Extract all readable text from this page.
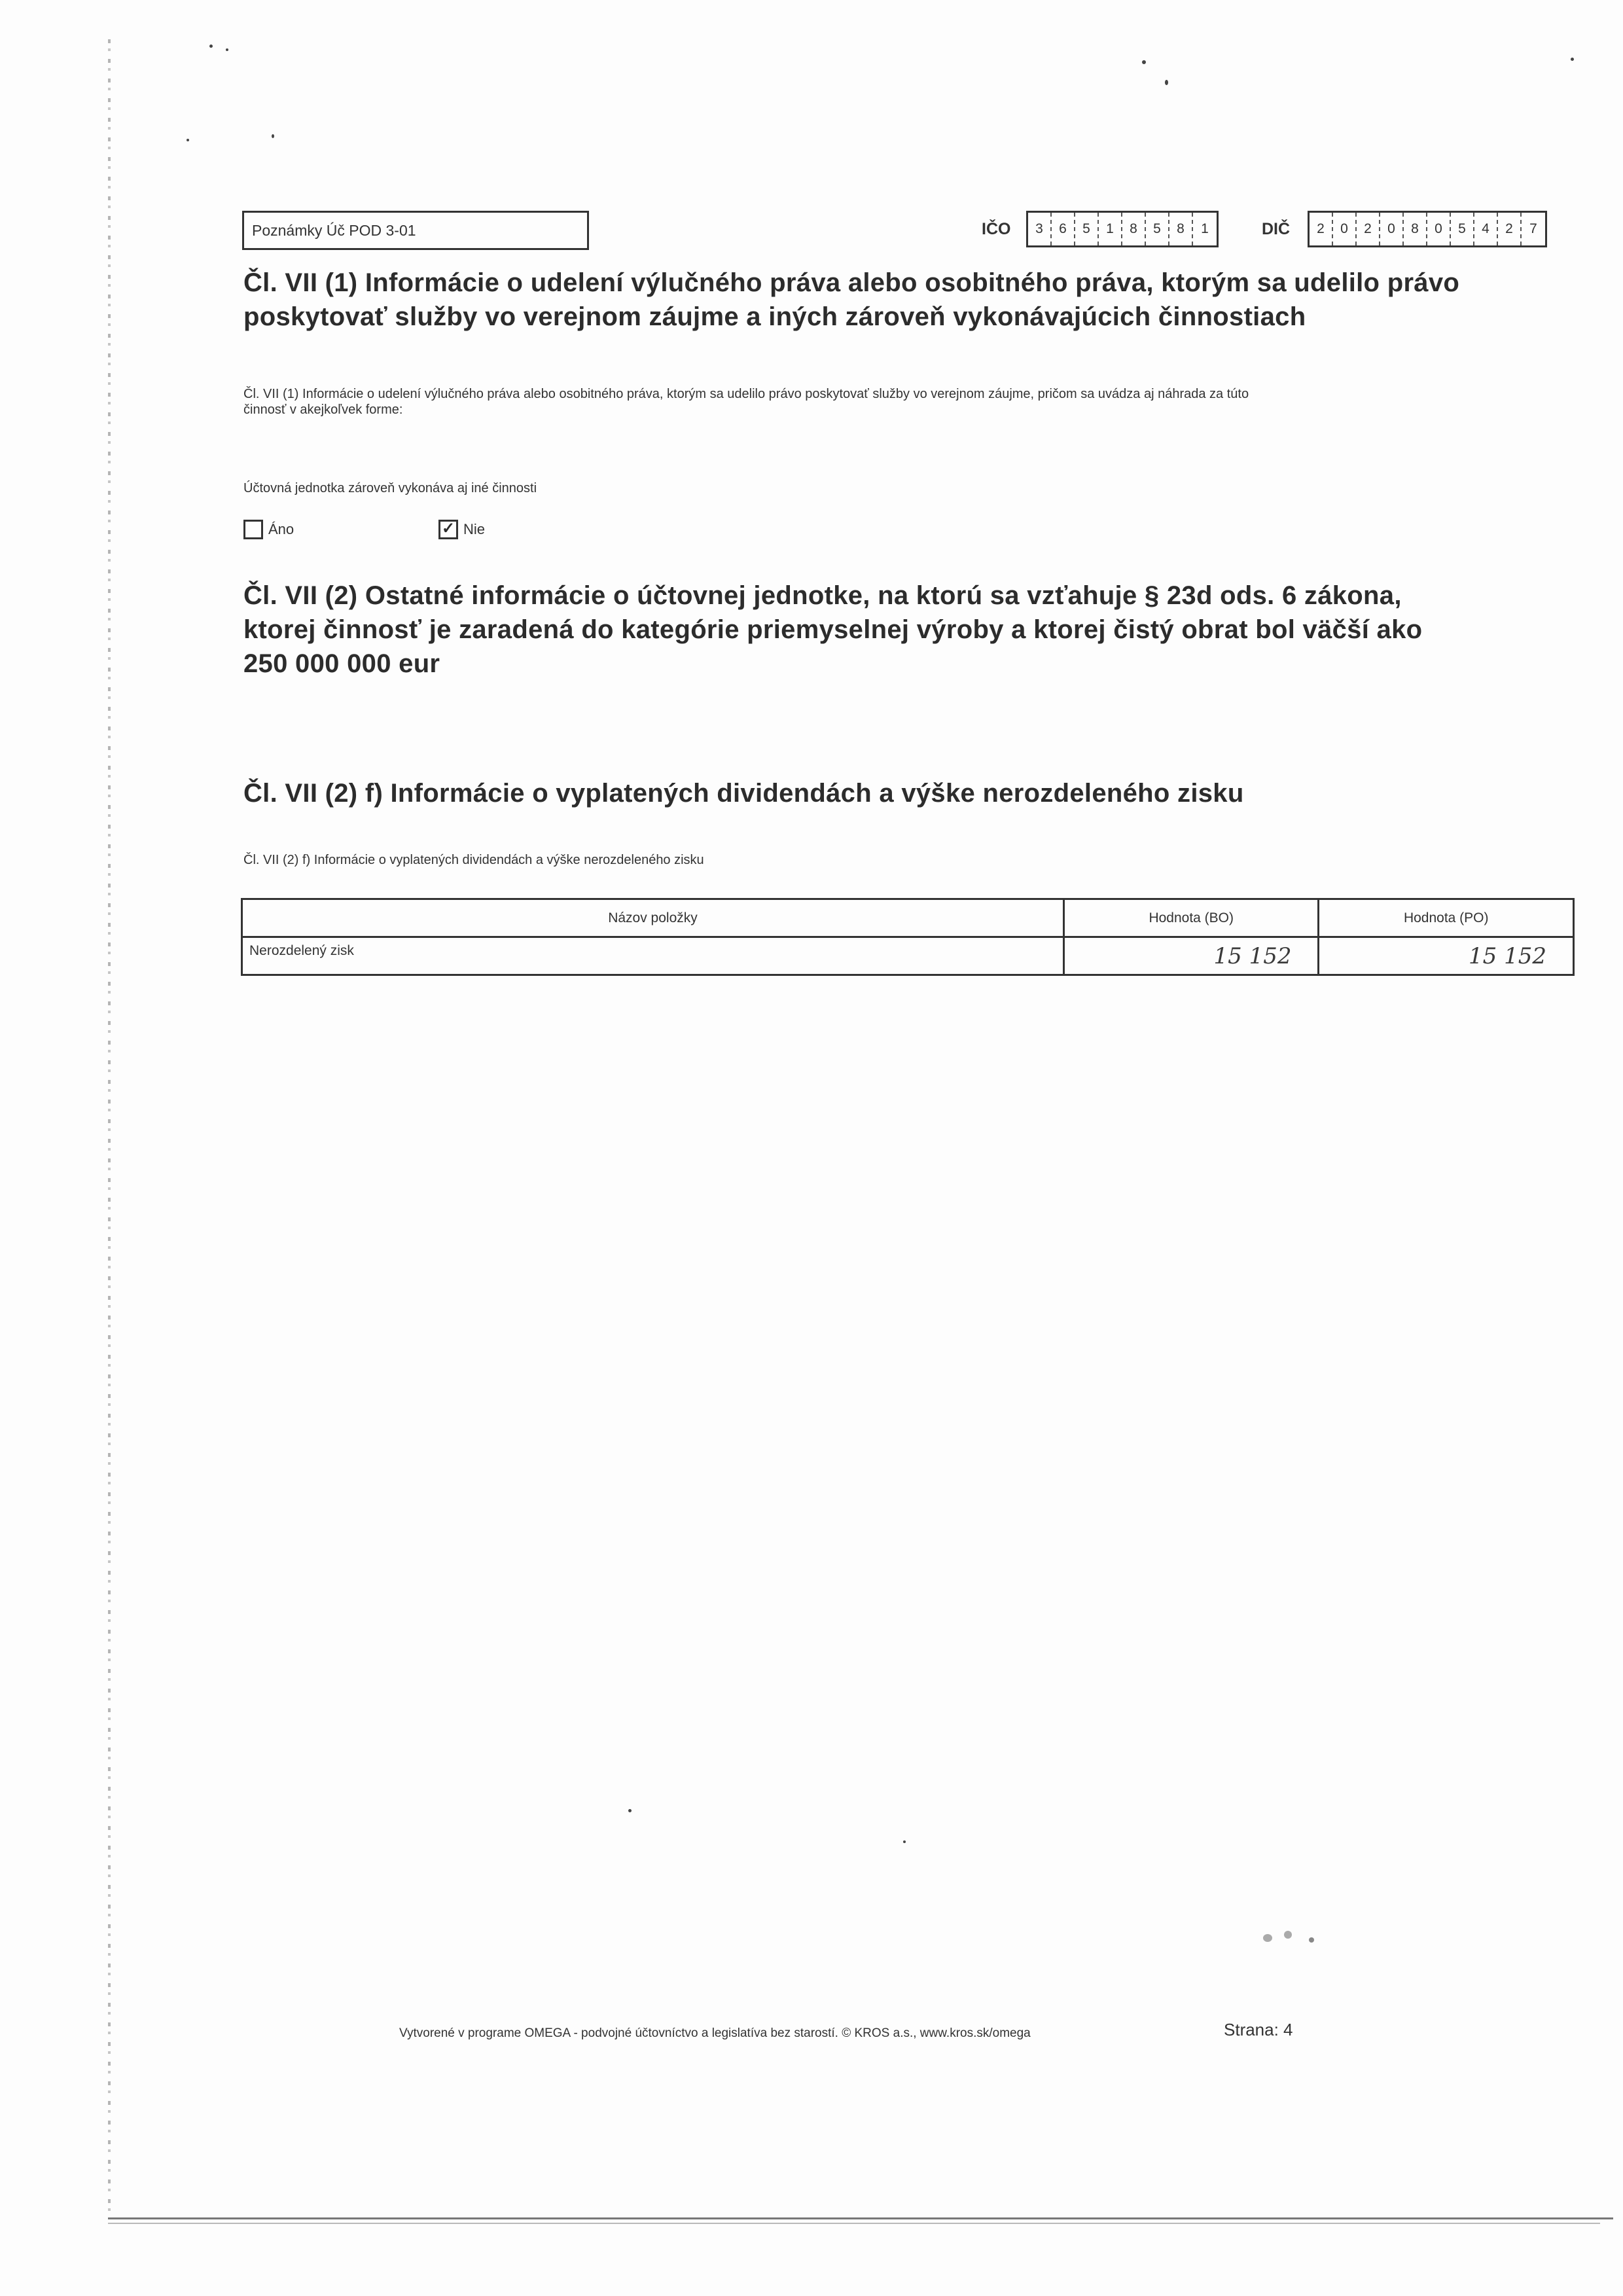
Poznámky Úč POD 3-01	IČO	3	6	5	1	8	5	8	1	DIČ	2	0	2	0	8	0	5	4	2	7
Čl. VII (1) Informácie o udelení výlučného práva alebo osobitného práva, ktorým sa udelilo právo
poskytovať služby vo verejnom záujme a iných zároveň vykonávajúcich činnostiach
Čl. VII (1) Informácie o udelení výlučného práva alebo osobitného práva, ktorým sa udelilo právo poskytovať služby vo verejnom záujme, pričom sa uvádza aj náhrada za túto
činnosť v akejkoľvek forme:
Účtovná jednotka zároveň vykonáva aj iné činnosti
Áno	✓ Nie
Čl. VII (2) Ostatné informácie o účtovnej jednotke, na ktorú sa vzťahuje § 23d ods. 6 zákona,
ktorej činnosť je zaradená do kategórie priemyselnej výroby a ktorej čistý obrat bol väčší ako
250 000 000 eur
Čl. VII (2) f) Informácie o vyplatených dividendách a výške nerozdeleného zisku
Čl. VII (2) f) Informácie o vyplatených dividendách a výške nerozdeleného zisku
Názov položky	Hodnota (BO)	Hodnota (PO)
Nerozdelený zisk	15 152	15 152
Vytvorené v programe OMEGA - podvojné účtovníctvo a legislatíva bez starostí. © KROS a.s., www.kros.sk/omega	Strana: 4
